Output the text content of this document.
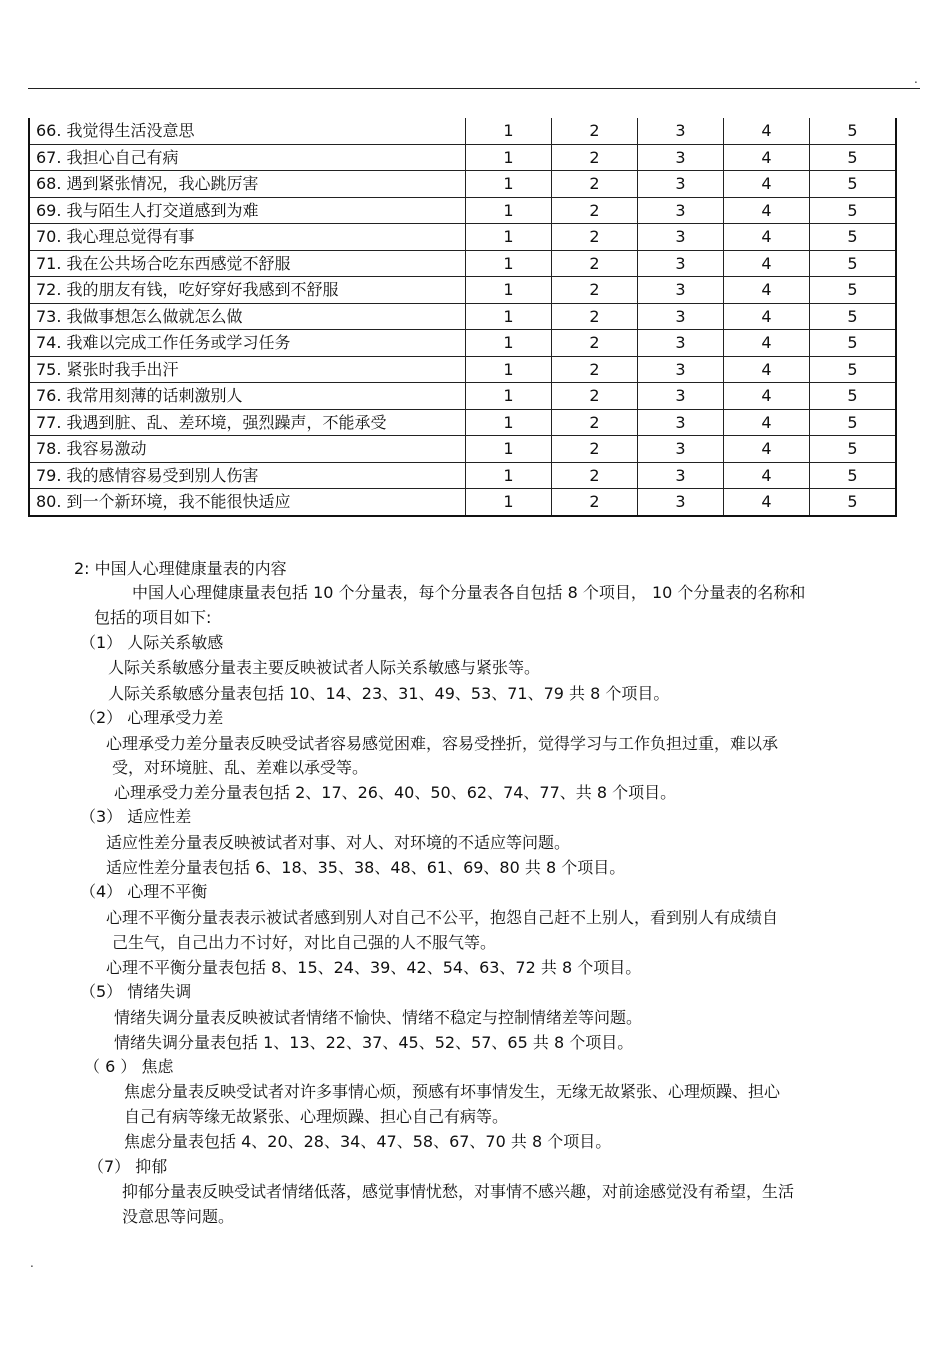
.
66. 我觉得生活没意思	1	2	3	4	5
67. 我担心自己有病	1	2	3	4	5
68. 遇到紧张情况，我心跳厉害	1	2	3	4	5
69. 我与陌生人打交道感到为难	1	2	3	4	5
70. 我心理总觉得有事	1	2	3	4	5
71. 我在公共场合吃东西感觉不舒服	1	2	3	4	5
72. 我的朋友有钱，吃好穿好我感到不舒服	1	2	3	4	5
73. 我做事想怎么做就怎么做	1	2	3	4	5
74. 我难以完成工作任务或学习任务	1	2	3	4	5
75. 紧张时我手出汗	1	2	3	4	5
76. 我常用刻薄的话刺激别人	1	2	3	4	5
77. 我遇到脏、乱、差环境，强烈躁声，不能承受	1	2	3	4	5
78. 我容易激动	1	2	3	4	5
79. 我的感情容易受到别人伤害	1	2	3	4	5
80. 到一个新环境，我不能很快适应	1	2	3	4	5
2: 中国人心理健康量表的内容
中国人心理健康量表包括 10 个分量表，每个分量表各自包括 8 个项目， 10 个分量表的名称和
包括的项目如下:
（1） 人际关系敏感
人际关系敏感分量表主要反映被试者人际关系敏感与紧张等。
人际关系敏感分量表包括 10、14、23、31、49、53、71、79 共 8 个项目。
（2） 心理承受力差
心理承受力差分量表反映受试者容易感觉困难，容易受挫折，觉得学习与工作负担过重，难以承
受，对环境脏、乱、差难以承受等。
心理承受力差分量表包括 2、17、26、40、50、62、74、77、共 8 个项目。
（3） 适应性差
适应性差分量表反映被试者对事、对人、对环境的不适应等问题。
适应性差分量表包括 6、18、35、38、48、61、69、80 共 8 个项目。
（4） 心理不平衡
心理不平衡分量表表示被试者感到别人对自己不公平，抱怨自己赶不上别人，看到别人有成绩自
己生气，自己出力不讨好，对比自己强的人不服气等。
心理不平衡分量表包括 8、15、24、39、42、54、63、72 共 8 个项目。
（5） 情绪失调
情绪失调分量表反映被试者情绪不愉快、情绪不稳定与控制情绪差等问题。
情绪失调分量表包括 1、13、22、37、45、52、57、65 共 8 个项目。
（ 6 ） 焦虑
焦虑分量表反映受试者对许多事情心烦，预感有坏事情发生，无缘无故紧张、心理烦躁、担心
自己有病等缘无故紧张、心理烦躁、担心自己有病等。
焦虑分量表包括 4、20、28、34、47、58、67、70 共 8 个项目。
（7） 抑郁
抑郁分量表反映受试者情绪低落，感觉事情忧愁，对事情不感兴趣，对前途感觉没有希望，生活
没意思等问题。
.
